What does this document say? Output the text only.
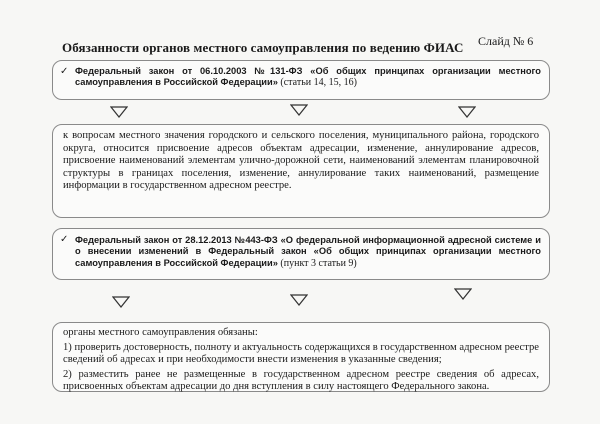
Слайд № 6
Обязанности органов местного самоуправления по ведению ФИАС
✓ Федеральный закон от 06.10.2003 №131-ФЗ «Об общих принципах организации местного самоуправления в Российской Федерации» (статьи 14, 15, 16)
к вопросам местного значения городского и сельского поселения, муниципального района, городского округа, относится присвоение адресов объектам адресации, изменение, аннулирование адресов, присвоение наименований элементам улично-дорожной сети, наименований элементам планировочной структуры в границах поселения, изменение, аннулирование таких наименований, размещение информации в государственном адресном реестре.
✓ Федеральный закон от 28.12.2013 №443-ФЗ «О федеральной информационной адресной системе и о внесении изменений в Федеральный закон «Об общих принципах организации местного самоуправления в Российской Федерации» (пункт 3 статьи 9)

органы местного самоуправления обязаны:

1) проверить достоверность, полноту и актуальность содержащихся в государственном адресном реестре сведений об адресах и при необходимости внести изменения в указанные сведения;

2) разместить ранее не размещенные в государственном адресном реестре сведения об адресах, присвоенных объектам адресации до дня вступления в силу настоящего Федерального закона.
